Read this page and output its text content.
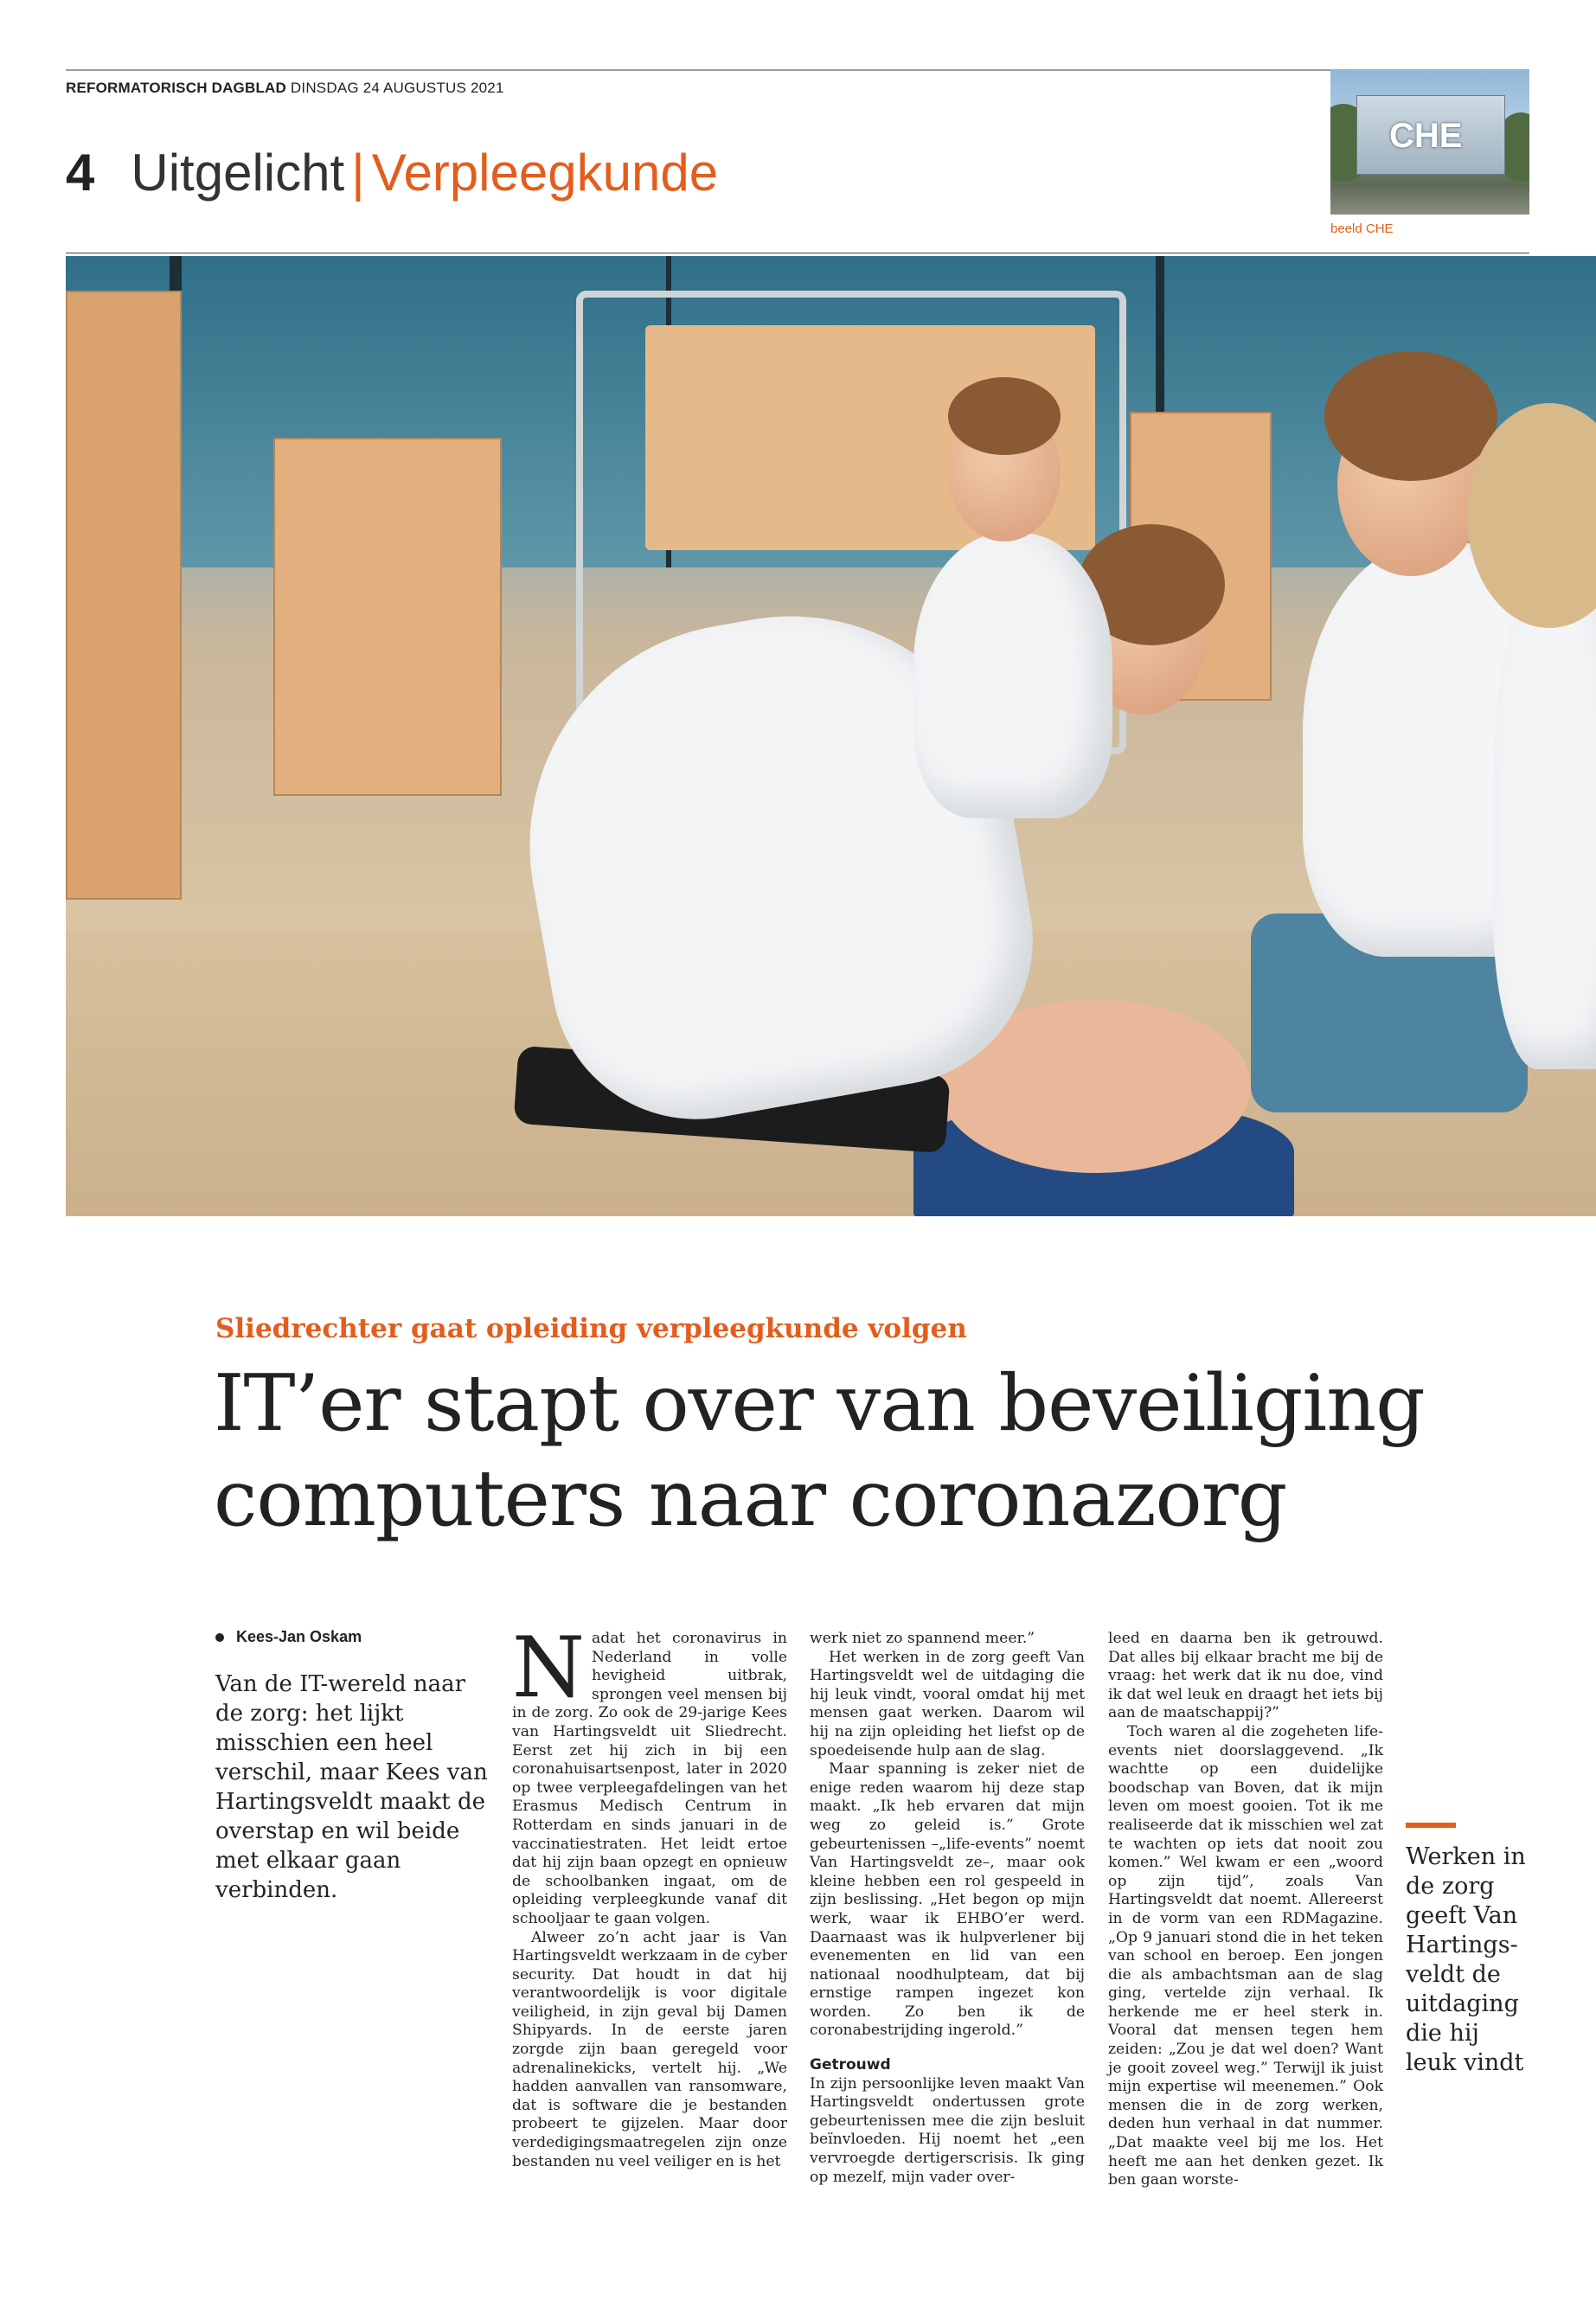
REFORMATORISCH DAGBLAD DINSDAG 24 AUGUSTUS 2021
4 Uitgelicht | Verpleegkunde
CHE
beeld CHE
Sliedrechter gaat opleiding verpleegkunde volgen
IT’er stapt over van beveiliging
computers naar coronazorg
Kees-Jan Oskam
Van de IT-wereld naar de zorg: het lijkt misschien een heel verschil, maar Kees van Hartingsveldt maakt de overstap en wil beide met elkaar gaan verbinden.

Nadat het coronavirus in Nederland in volle hevigheid uitbrak, sprongen veel mensen bij in de zorg. Zo ook de 29-jarige Kees van Hartingsveldt uit Sliedrecht. Eerst zet hij zich in bij een coronahuisartsenpost, later in 2020 op twee verpleegafdelingen van het Erasmus Medisch Centrum in Rotterdam en sinds januari in de vaccinatiestraten. Het leidt ertoe dat hij zijn baan opzegt en opnieuw de schoolbanken ingaat, om de opleiding verpleegkunde vanaf dit schooljaar te gaan volgen.

Alweer zo’n acht jaar is Van Hartingsveldt werkzaam in de cyber security. Dat houdt in dat hij verantwoordelijk is voor digitale veiligheid, in zijn geval bij Damen Shipyards. In de eerste jaren zorgde zijn baan geregeld voor adrenalinekicks, vertelt hij. „We hadden aanvallen van ransomware, dat is software die je bestanden probeert te gijzelen. Maar door verdedigingsmaatregelen zijn onze bestanden nu veel veiliger en is het

werk niet zo spannend meer.”

Het werken in de zorg geeft Van Hartingsveldt wel de uitdaging die hij leuk vindt, vooral omdat hij met mensen gaat werken. Daarom wil hij na zijn opleiding het liefst op de spoedeisende hulp aan de slag.

Maar spanning is zeker niet de enige reden waarom hij deze stap maakt. „Ik heb ervaren dat mijn weg zo geleid is.” Grote gebeurtenissen –„life-events” noemt Van Hartingsveldt ze–, maar ook kleine hebben een rol gespeeld in zijn beslissing. „Het begon op mijn werk, waar ik EHBO’er werd. Daarnaast was ik hulpverlener bij evenementen en lid van een nationaal noodhulpteam, dat bij ernstige rampen ingezet kon worden. Zo ben ik de coronabestrijding ingerold.”

Getrouwd

In zijn persoonlijke leven maakt Van Hartingsveldt ondertussen grote gebeurtenissen mee die zijn besluit beïnvloeden. Hij noemt het „een vervroegde dertigerscrisis. Ik ging op mezelf, mijn vader over-

leed en daarna ben ik getrouwd. Dat alles bij elkaar bracht me bij de vraag: het werk dat ik nu doe, vind ik dat wel leuk en draagt het iets bij aan de maatschappij?”

Toch waren al die zogeheten life-events niet doorslaggevend. „Ik wachtte op een duidelijke boodschap van Boven, dat ik mijn leven om moest gooien. Tot ik me realiseerde dat ik misschien wel zat te wachten op iets dat nooit zou komen.” Wel kwam er een „woord op zijn tijd”, zoals Van Hartingsveldt dat noemt. Allereerst in de vorm van een RDMagazine. „Op 9 januari stond die in het teken van school en beroep. Een jongen die als ambachtsman aan de slag ging, vertelde zijn verhaal. Ik herkende me er heel sterk in. Vooral dat mensen tegen hem zeiden: „Zou je dat wel doen? Want je gooit zoveel weg.” Terwijl ik juist mijn expertise wil meenemen.” Ook mensen die in de zorg werken, deden hun verhaal in dat nummer. „Dat maakte veel bij me los. Het heeft me aan het denken gezet. Ik ben gaan worste-

Werken in de zorg geeft Van Hartings-veldt de uitdaging die hij leuk vindt
